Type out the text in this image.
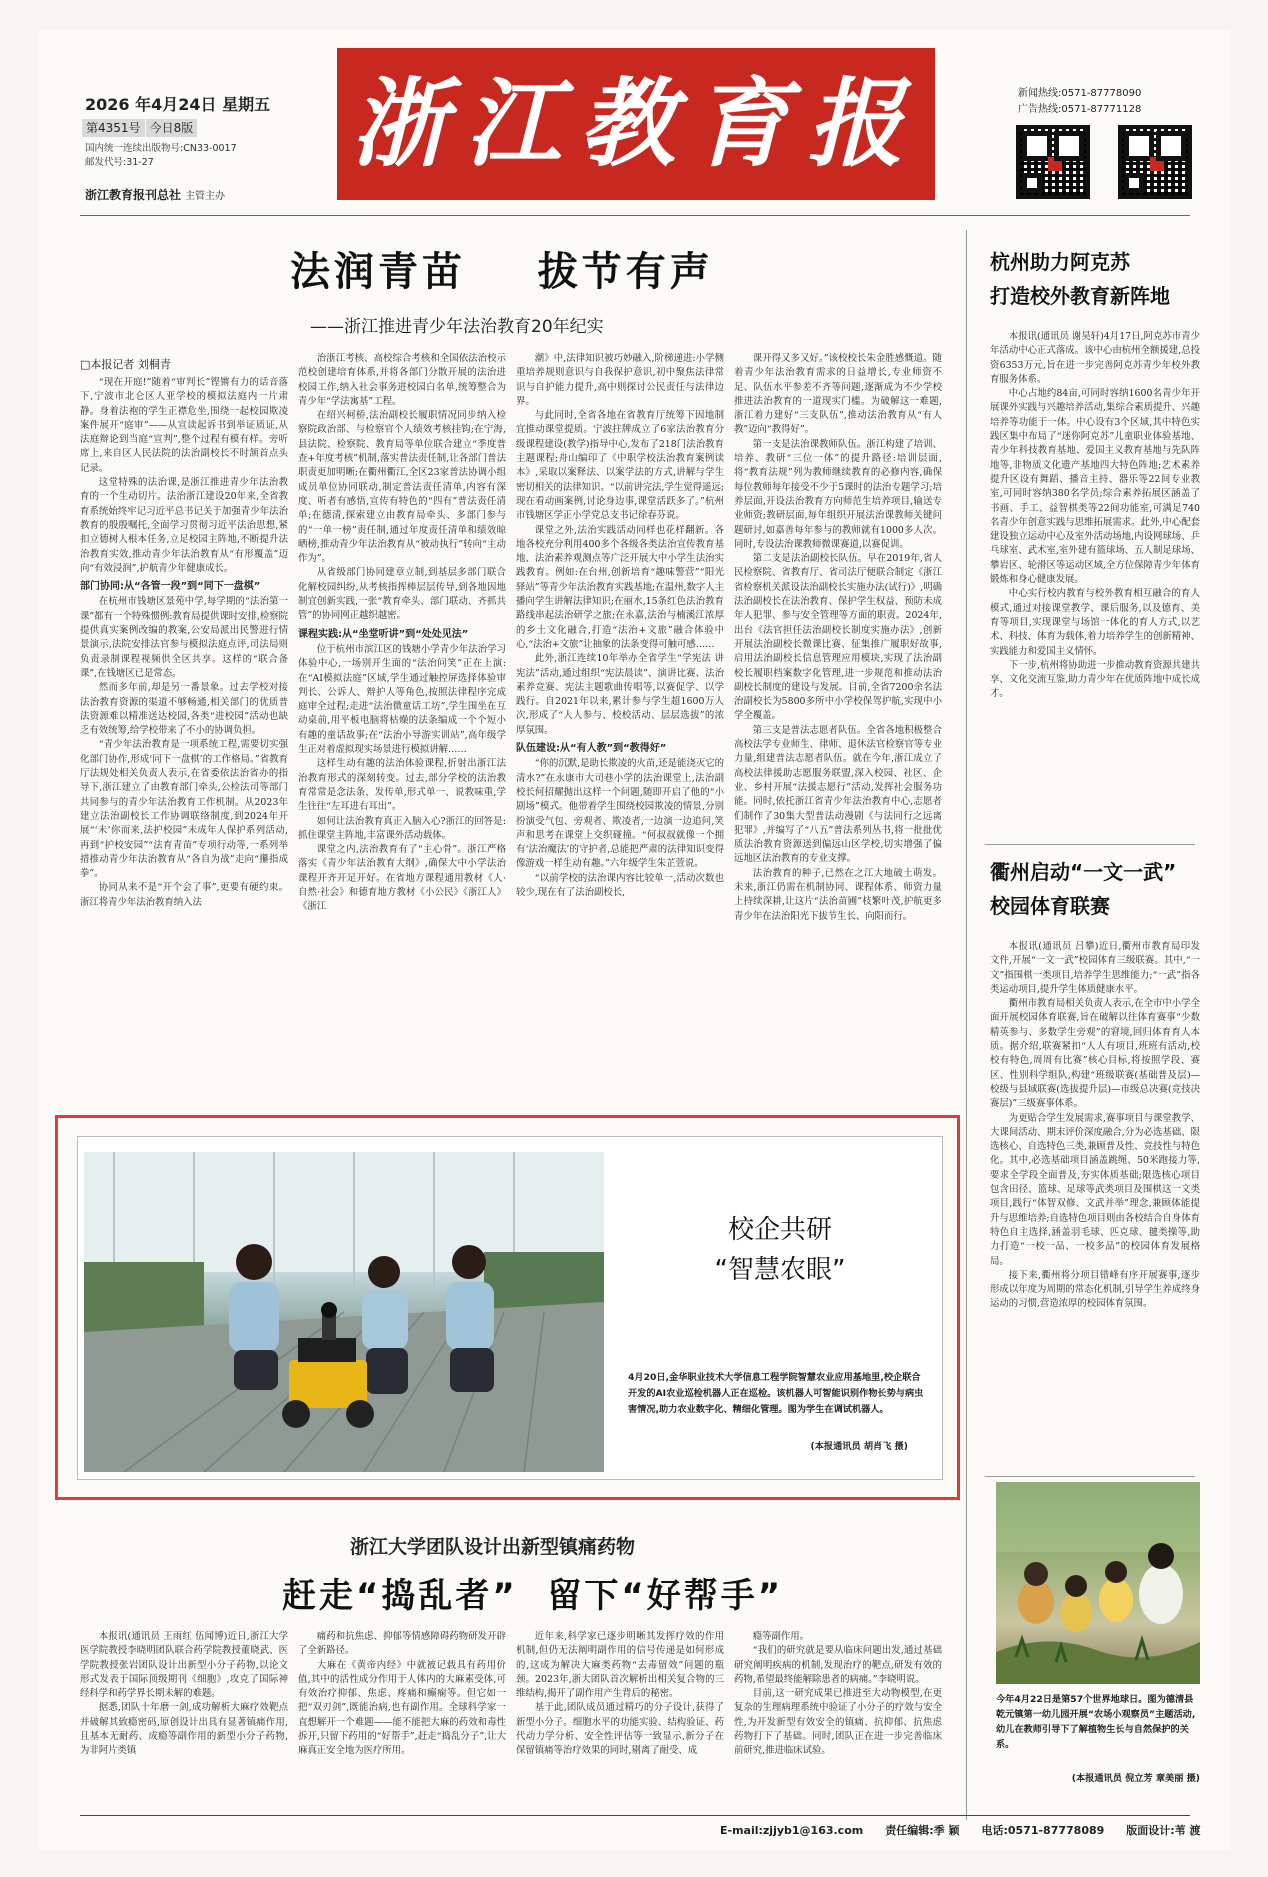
2026 年4月24日 星期五
第4351号 今日8版
国内统一连续出版物号:CN33-0017
邮发代号:31-27
浙江教育报刊总社 主管主办
浙江教育报	新闻热线:0571-87778090
广告热线:0571-87771128
法润青苗    拔节有声
——浙江推进青少年法治教育20年纪实
□本报记者 刘桐青

“现在开庭!”随着“审判长”铿锵有力的话音落下,宁波市北仑区人亚学校的模拟法庭内一片肃静。身着法袍的学生正襟危坐,围绕一起校园欺凌案件展开“庭审”——从宣读起诉书到举证质证,从法庭辩论到当庭“宣判”,整个过程有模有样。旁听席上,来自区人民法院的法治副校长不时颔首点头记录。

这堂特殊的法治课,是浙江推进青少年法治教育的一个生动切片。法治浙江建设20年来,全省教育系统始终牢记习近平总书记关于加强青少年法治教育的殷殷嘱托,全面学习贯彻习近平法治思想,紧扣立德树人根本任务,立足校园主阵地,不断提升法治教育实效,推动青少年法治教育从“有形覆盖”迈向“有效浸润”,护航青少年健康成长。

部门协同:从“各管一段”到“同下一盘棋”

在杭州市钱塘区景苑中学,每学期的“法治第一课”都有一个特殊惯例:教育局提供课时安排,检察院提供真实案例改编的教案,公安局派出民警进行情景演示,法院安排法官参与模拟法庭点评,司法局则负责录制课程视频供全区共享。这样的“联合备课”,在钱塘区已是常态。

然而多年前,却是另一番景象。过去学校对接法治教育资源的渠道不够畅通,相关部门的优质普法资源难以精准送达校园,各类“进校园”活动也缺乏有效统筹,给学校带来了不小的协调负担。

“青少年法治教育是一项系统工程,需要切实强化部门协作,形成‘同下一盘棋’的工作格局。”省教育厅法规处相关负责人表示,在省委依法治省办的指导下,浙江建立了由教育部门牵头,公检法司等部门共同参与的青少年法治教育工作机制。从2023年建立法治副校长工作协调联络制度,到2024年开展“‘未’你而来,法护校园”未成年人保护系列活动,再到“护校安园”“法育青苗”专项行动等,一系列举措推动青少年法治教育从“各自为战”走向“攥指成拳”。

协同从来不是“开个会了事”,更要有硬约束。浙江将青少年法治教育纳入法

治浙江考核、高校综合考核和全国依法治校示范校创建培育体系,并将各部门分散开展的法治进校园工作,纳入社会事务进校园白名单,统筹整合为青少年“学法寓基”工程。

在绍兴柯桥,法治副校长履职情况同步纳入检察院政治部、与检察官个人绩效考核挂钩;在宁海,县法院、检察院、教育局等单位联合建立“季度普查+年度考核”机制,落实普法责任制,让各部门普法职责更加明晰;在衢州衢江,全区23家普法协调小组成员单位协同联动,制定普法责任清单,内容有深度、听者有感悟,宣传有特色的“四有”普法责任清单;在德清,探索建立由教育局牵头、多部门参与的“一单一榜”责任制,通过年度责任清单和绩效晾晒榜,推动青少年法治教育从“被动执行”转向“主动作为”。

从省级部门协同建章立制,到基层多部门联合化解校园纠纷,从考核指挥棒层层传导,到各地因地制宜创新实践,一张“教育牵头、部门联动、齐抓共管”的协同网正越织越密。

课程实践:从“坐堂听讲”到“处处见法”

位于杭州市滨江区的钱塘小学青少年法治学习体验中心,一场别开生面的“法治问笑”正在上演:在“AI模拟法庭”区域,学生通过触控屏选择体验审判长、公诉人、辩护人等角色,按照法律程序完成庭审全过程;走进“法治微童话工坊”,学生围坐在互动桌前,用平板电脑将枯燥的法条编成一个个短小有趣的童话故事;在“法治小导游实训站”,高年级学生正对着虚拟现实场景进行模拟讲解……

这样生动有趣的法治体验课程,折射出浙江法治教育形式的深刻转变。过去,部分学校的法治教育常常是念法条、发传单,形式单一、说教味重,学生往往“左耳进右耳出”。

如何让法治教育真正入脑入心?浙江的回答是:抓住课堂主阵地,丰富课外活动载体。

课堂之内,法治教育有了“主心骨”。浙江严格落实《青少年法治教育大纲》,确保大中小学法治课程开齐开足开好。在省地方课程通用教材《人·自然·社会》和德育地方教材《小公民》《浙江人》《浙江

潮》中,法律知识被巧妙融入,阶梯递进:小学侧重培养规则意识与自我保护意识,初中聚焦法律常识与自护能力提升,高中则探讨公民责任与法律边界。

与此同时,全省各地在省教育厅统筹下因地制宜推动课堂提质。宁波拄牌成立了6家法治教育分级课程建设(教学)指导中心,发布了218门法治教育主题课程;舟山编印了《中职学校法治教育案例读本》,采取以案释法、以案学法的方式,讲解与学生密切相关的法律知识。“以前讲完法,学生觉得遥远;现在看动画案例,讨论身边事,课堂活跃多了。”杭州市钱塘区学正小学党总支书记徐春芬说。

课堂之外,法治实践活动同样也花样翻新。各地各校充分利用400多个各级各类法治宣传教育基地、法治素养观测点等广泛开展大中小学生法治实践教育。例如:在台州,创新培育“趣味警营”“阳光驿站”等青少年法治教育实践基地;在温州,数字人主播向学生讲解法律知识;在丽水,15条红色法治教育路线串起法治研学之旅;在永嘉,法治与楠溪江浓厚的乡土文化融合,打造“法治+文旅”融合体验中心,“法治+文旅”让抽象的法条变得可触可感……

此外,浙江连续10年举办全省学生“学宪法 讲宪法”活动,通过组织“宪法晨读”、演讲比赛、法治素养竞赛、宪法主题歌曲传唱等,以赛促学、以学践行。自2021年以来,累计参与学生超1600万人次,形成了“人人参与、校校活动、层层选拔”的浓厚氛围。

队伍建设:从“有人教”到“教得好”

“你的沉默,是助长欺凌的火苗,还是能浇灭它的清水?”在永康市大司巷小学的法治课堂上,法治副校长何招耀抛出这样一个问题,随即开启了他的“小剧场”模式。他带着学生围绕校园欺凌的情景,分别扮演受气包、旁观者、欺凌者,一边演一边追问,笑声和思考在课堂上交织碰撞。“何叔叔就像一个拥有‘法治魔法’的守护者,总能把严肃的法律知识变得像游戏一样生动有趣。”六年级学生朱芷萱说。

“以前学校的法治课内容比较单一,活动次数也较少,现在有了法治副校长,

课开得又多又好。”该校校长朱金胜感慨道。随着青少年法治教育需求的日益增长,专业师资不足、队伍水平参差不齐等问题,逐渐成为不少学校推进法治教育的一道现实门槛。为破解这一难题,浙江着力建好“三支队伍”,推动法治教育从“有人教”迈向“教得好”。

第一支是法治课教师队伍。浙江构建了培训、培养、教研“三位一体”的提升路径:培训层面,将“教育法规”列为教师继续教育的必修内容,确保每位教师每年接受不少于5课时的法治专题学习;培养层面,开设法治教育方向师范生培养项目,输送专业师资;教研层面,每年组织开展法治课教师关键问题研讨,如嘉善每年参与的教师就有1000多人次。同时,专设法治课教师微课赛道,以赛促训。

第二支是法治副校长队伍。早在2019年,省人民检察院、省教育厅、省司法厅便联合制定《浙江省检察机关派设法治副校长实施办法(试行)》,明确法治副校长在法治教育、保护学生权益、预防未成年人犯罪、参与安全管理等方面的职责。2024年,出台《法官担任法治副校长制度实施办法》,创新开展法治副校长微课比赛、征集推广履职好故事,启用法治副校长信息管理应用模块,实现了法治副校长履职档案数字化管理,进一步规范和推动法治副校长制度的建设与发展。目前,全省7200余名法治副校长为5800多所中小学校保驾护航,实现中小学全覆盖。

第三支是普法志愿者队伍。全省各地积极整合高校法学专业师生、律师、退休法官检察官等专业力量,组建普法志愿者队伍。就在今年,浙江成立了高校法律援助志愿服务联盟,深入校园、社区、企业、乡村开展“法援志愿行”活动,发挥社会服务功能。同时,依托浙江省青少年法治教育中心,志愿者们制作了30集大型普法动漫剧《与法同行之远离犯罪》,并编写了“八五”普法系列丛书,将一批批优质法治教育资源送到偏远山区学校,切实增强了偏远地区法治教育的专业支撑。

法治教育的种子,已然在之江大地破土萌发。未来,浙江仍需在机制协同、课程体系、师资力量上持续深耕,让这片“法治苗圃”枝繁叶茂,护航更多青少年在法治阳光下拔节生长、向阳而行。

杭州助力阿克苏
打造校外教育新阵地

本报讯(通讯员 谢昊轩)4月17日,阿克苏市青少年活动中心正式落成。该中心由杭州全额援建,总投资6353万元,旨在进一步完善阿克苏青少年校外教育服务体系。

中心占地约84亩,可同时容纳1600名青少年开展课外实践与兴趣培养活动,集综合素质提升、兴趣培养等功能于一体。中心设有3个区域,其中特色实践区集中布局了“迷你阿克苏”儿童职业体验基地、青少年科技教育基地、爱国主义教育基地与先队阵地等,非物质文化遗产基地四大特色阵地;艺术素养提升区设有舞蹈、播音主持、器乐等22间专业教室,可同时容纳380名学员;综合素养拓展区涵盖了书画、手工、益智棋类等22间功能室,可满足740名青少年创意实践与思维拓展需求。此外,中心配套建设独立运动中心及室外活动场地,内设网球场、乒乓球室、武术室,室外建有篮球场、五人制足球场、攀岩区、轮滑区等运动区域,全方位保障青少年体育锻炼和身心健康发展。

中心实行校内教育与校外教育相互融合的育人模式,通过对接课堂教学、课后服务,以及德育、美育等项目,实现课堂与场馆一体化的育人方式,以艺术、科技、体育为载体,着力培养学生的创新精神、实践能力和爱国主义情怀。

下一步,杭州将协助进一步推动教育资源共建共享、文化交流互鉴,助力青少年在优质阵地中成长成才。

衢州启动“一文一武”
校园体育联赛

本报讯(通讯员 吕攀)近日,衢州市教育局印发文件,开展“一文一武”校园体育三级联赛。其中,“一文”指围棋一类项目,培养学生思维能力;“一武”指各类运动项目,提升学生体质健康水平。

衢州市教育局相关负责人表示,在全市中小学全面开展校园体育联赛,旨在破解以往体育赛事“少数精英参与、多数学生旁观”的窘境,回归体育育人本质。据介绍,联赛紧扣“人人有项目,班班有活动,校校有特色,周周有比赛”核心目标,将按照学段、赛区、性别科学组队,构建“班级联赛(基础普及层)—校级与县域联赛(选拔提升层)—市级总决赛(竞技决赛层)”三级赛事体系。

为更贴合学生发展需求,赛事项目与课堂教学、大课间活动、期末评价深度融合,分为必选基础、限选核心、自选特色三类,兼顾普及性、竞技性与特色化。其中,必选基础项目涵盖跳绳、50米跑接力等,要求全学段全面普及,夯实体质基础;限选核心项目包含田径、篮球、足球等武类项目及围棋这一文类项目,践行“体智双修、文武并举”理念,兼顾体能提升与思维培养;自选特色项目则由各校结合自身体育特色自主选择,涵盖羽毛球、匹克球、毽类操等,助力打造“一校一品、一校多品”的校园体育发展格局。

接下来,衢州将分项目错峰有序开展赛事,逐步形成以年度为周期的常态化机制,引导学生养成终身运动的习惯,营造浓厚的校园体育氛围。

今年4月22日是第57个世界地球日。图为德清县乾元镇第一幼儿园开展“农场小观察员”主题活动,幼儿在教师引导下了解植物生长与自然保护的关系。
(本报通讯员 倪立芳 章美丽 摄)
校企共研
“智慧农眼”
4月20日,金华职业技术大学信息工程学院智慧农业应用基地里,校企联合开发的AI农业巡检机器人正在巡检。该机器人可智能识别作物长势与病虫害情况,助力农业数字化、精细化管理。图为学生在调试机器人。
(本报通讯员 胡肖飞 摄)
浙江大学团队设计出新型镇痛药物
赶走“捣乱者”  留下“好帮手”

本报讯(通讯员 王雨红 伍闻博)近日,浙江大学医学院教授李晓明团队联合药学院教授董晓武、医学院教授张岩团队设计出新型小分子药物,以论文形式发表于国际顶级期刊《细胞》,攻克了国际神经科学和药学界长期未解的难题。

据悉,团队十年磨一剑,成功解析大麻疗效靶点并破解其致瘾密码,原创设计出具有显著镇痛作用,且基本无耐药、成瘾等副作用的新型小分子药物,为非阿片类镇

痛药和抗焦虑、抑郁等情感障碍药物研发开辟了全新路径。

大麻在《黄帝内经》中就被记载具有药用价值,其中的活性成分作用于人体内的大麻素受体,可有效治疗抑郁、焦虑、疼痛和癫痫等。但它如一把“双刃剑”,既能治病,也有副作用。全球科学家一直想解开一个难题——能不能把大麻的药效和毒性拆开,只留下药用的“好帮手”,赶走“捣乱分子”,让大麻真正安全地为医疗所用。

近年来,科学家已逐步明晰其发挥疗效的作用机制,但仍无法阐明副作用的信号传递是如何形成的,这成为解决大麻类药物“去毒留效”问题的瓶颈。2023年,浙大团队首次解析出相关复合物的三维结构,揭开了副作用产生背后的秘密。

基于此,团队成员通过精巧的分子设计,获得了新型小分子。细胞水平的功能实验、结构验证、药代动力学分析、安全性评估等一致显示,新分子在保留镇痛等治疗效果的同时,剔离了耐受、成

瘾等副作用。

“我们的研究就是要从临床问题出发,通过基础研究阐明疾病的机制,发现治疗的靶点,研发有效的药物,希望最终能解除患者的病痛。”李晓明说。

目前,这一研究成果已推进至大动物模型,在更复杂的生理病理系统中验证了小分子的疗效与安全性,为开发新型有效安全的镇痛、抗抑郁、抗焦虑药物打下了基础。同时,团队正在进一步完善临床前研究,推进临床试验。

E-mail:zjjyb1@163.com 责任编辑:季 颖 电话:0571-87778089 版面设计:苇 渡
